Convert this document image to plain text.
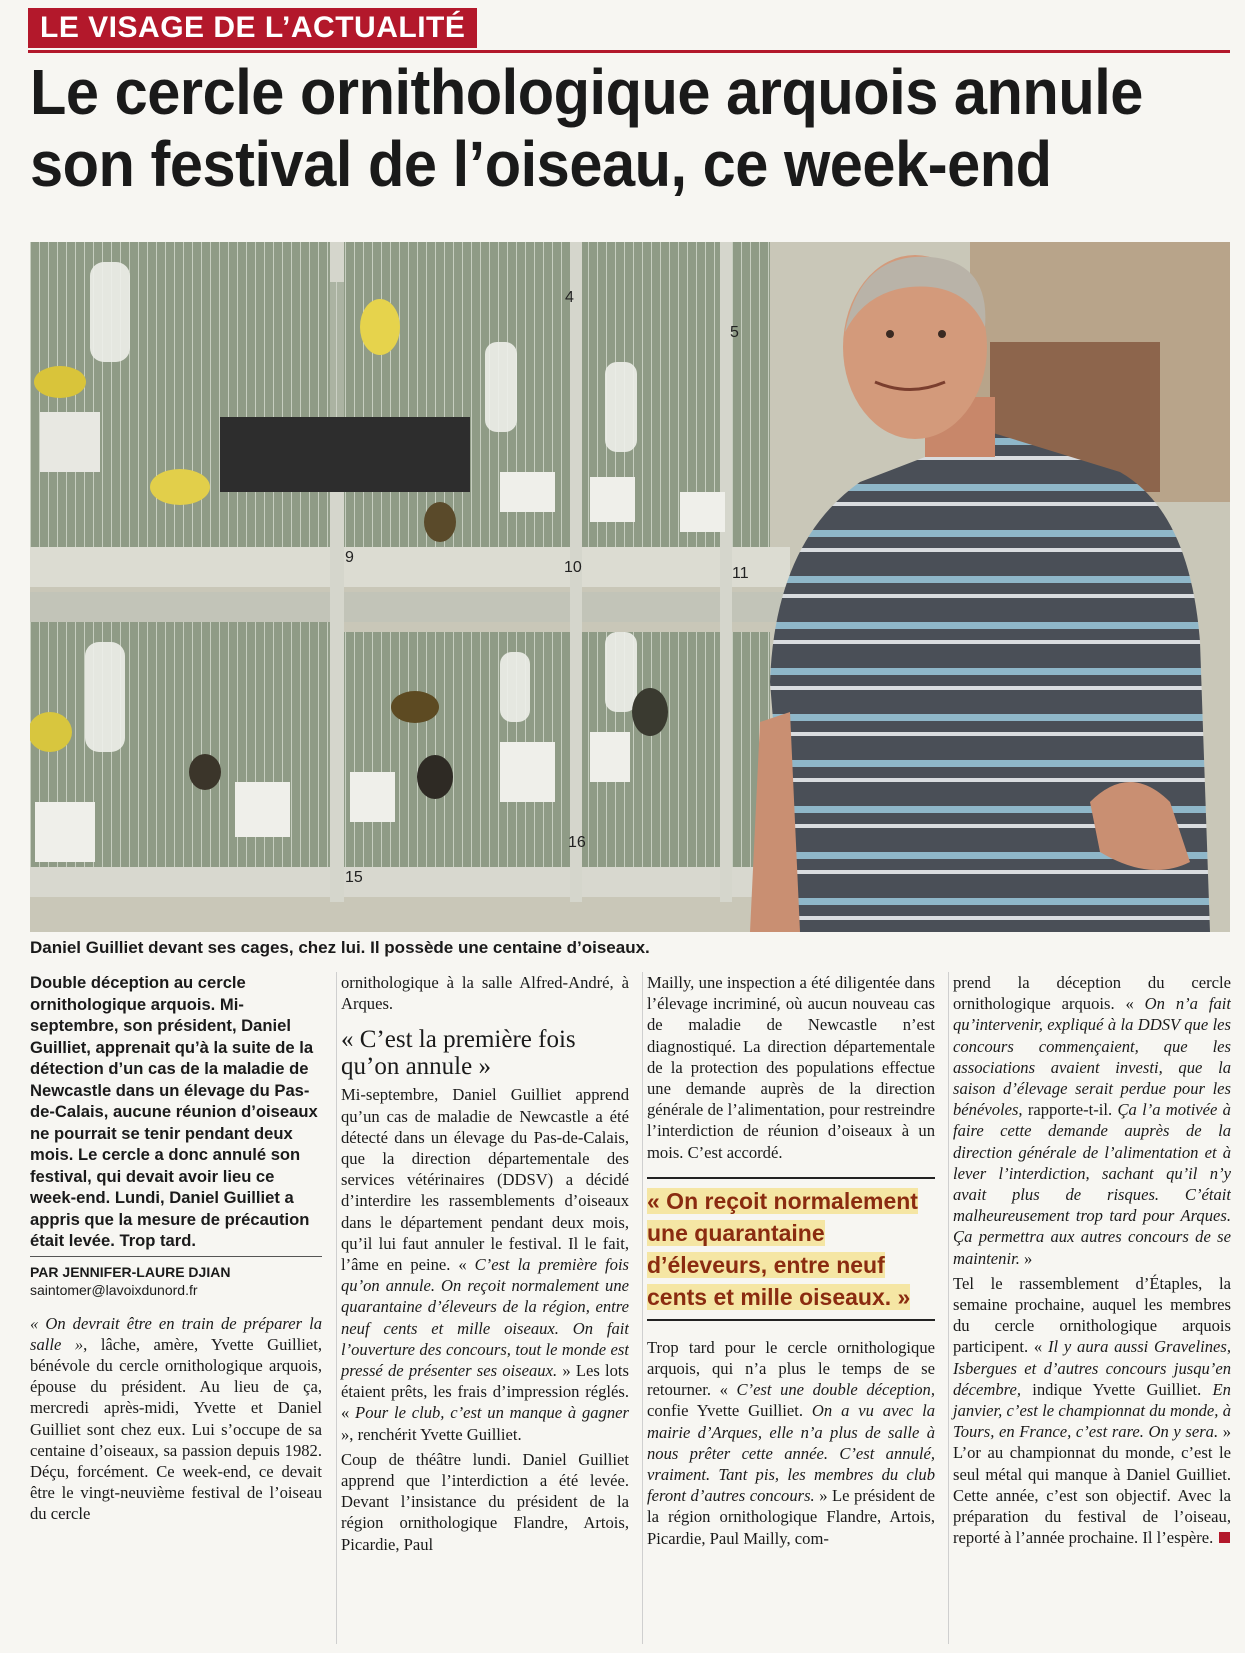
LE VISAGE DE L’ACTUALITÉ
Le cercle ornithologique arquois annule
son festival de l’oiseau, ce week-end
4
5
9
10	11
15
16
Daniel Guilliet devant ses cages, chez lui. Il possède une centaine d’oiseaux.

Double déception au cercle ornithologique arquois. Mi-septembre, son président, Daniel Guilliet, apprenait qu’à la suite de la détection d’un cas de la maladie de Newcastle dans un élevage du Pas-de-Calais, aucune réunion d’oiseaux ne pourrait se tenir pendant deux mois. Le cercle a donc annulé son festival, qui devait avoir lieu ce week-end. Lundi, Daniel Guilliet a appris que la mesure de précaution était levée. Trop tard.

PAR JENNIFER-LAURE DJIAN
saintomer@lavoixdunord.fr

« On devrait être en train de préparer la salle », lâche, amère, Yvette Guilliet, bénévole du cercle ornithologique arquois, épouse du président. Au lieu de ça, mercredi après-midi, Yvette et Daniel Guilliet sont chez eux. Lui s’occupe de sa centaine d’oiseaux, sa passion depuis 1982. Déçu, forcément. Ce week-end, ce devait être le vingt-neuvième festival de l’oiseau du cercle

ornithologique à la salle Alfred-André, à Arques.

« C’est la première fois qu’on annule »

Mi-septembre, Daniel Guilliet apprend qu’un cas de maladie de Newcastle a été détecté dans un élevage du Pas-de-Calais, que la direction départementale des services vétérinaires (DDSV) a décidé d’interdire les rassemblements d’oiseaux dans le département pendant deux mois, qu’il lui faut annuler le festival. Il le fait, l’âme en peine. « C’est la première fois qu’on annule. On reçoit normalement une quarantaine d’éleveurs de la région, entre neuf cents et mille oiseaux. On fait l’ouverture des concours, tout le monde est pressé de présenter ses oiseaux. » Les lots étaient prêts, les frais d’impression réglés. « Pour le club, c’est un manque à gagner », renchérit Yvette Guilliet.

Coup de théâtre lundi. Daniel Guilliet apprend que l’interdiction a été levée. Devant l’insistance du président de la région ornithologique Flandre, Artois, Picardie, Paul

Mailly, une inspection a été diligentée dans l’élevage incriminé, où aucun nouveau cas de maladie de Newcastle n’est diagnostiqué. La direction départementale de la protection des populations effectue une demande auprès de la direction générale de l’alimentation, pour restreindre l’interdiction de réunion d’oiseaux à un mois. C’est accordé.

« On reçoit normalement une quarantaine d’éleveurs, entre neuf cents et mille oiseaux. »

Trop tard pour le cercle ornithologique arquois, qui n’a plus le temps de se retourner. « C’est une double déception, confie Yvette Guilliet. On a vu avec la mairie d’Arques, elle n’a plus de salle à nous prêter cette année. C’est annulé, vraiment. Tant pis, les membres du club feront d’autres concours. » Le président de la région ornithologique Flandre, Artois, Picardie, Paul Mailly, com-

prend la déception du cercle ornithologique arquois. « On n’a fait qu’intervenir, expliqué à la DDSV que les concours commençaient, que les associations avaient investi, que la saison d’élevage serait perdue pour les bénévoles, rapporte-t-il. Ça l’a motivée à faire cette demande auprès de la direction générale de l’alimentation et à lever l’interdiction, sachant qu’il n’y avait plus de risques. C’était malheureusement trop tard pour Arques. Ça permettra aux autres concours de se maintenir. »

Tel le rassemblement d’Étaples, la semaine prochaine, auquel les membres du cercle ornithologique arquois participent. « Il y aura aussi Gravelines, Isbergues et d’autres concours jusqu’en décembre, indique Yvette Guilliet. En janvier, c’est le championnat du monde, à Tours, en France, c’est rare. On y sera. » L’or au championnat du monde, c’est le seul métal qui manque à Daniel Guilliet. Cette année, c’est son objectif. Avec la préparation du festival de l’oiseau, reporté à l’année prochaine. Il l’espère.
